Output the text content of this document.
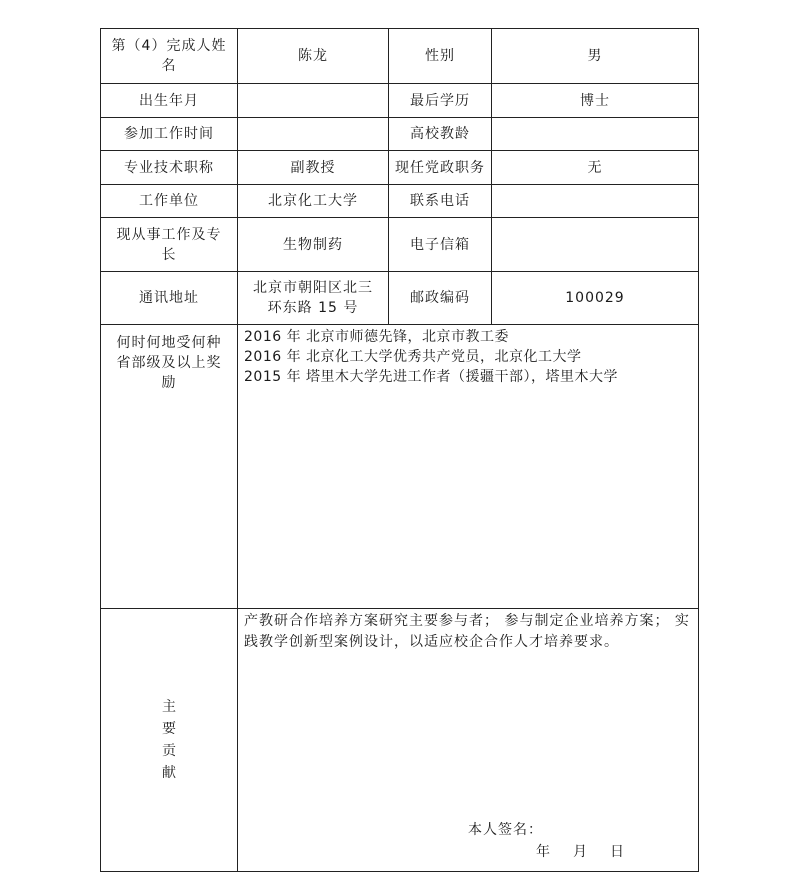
第（4）完成人姓名	陈龙	性别	男
出生年月		最后学历	博士
参加工作时间		高校教龄	
专业技术职称	副教授	现任党政职务	无
工作单位	北京化工大学	联系电话	

现从事工作及专长	生物制药	电子信箱	
通讯地址	北京市朝阳区北三环东路 15 号	邮政编码	100029

何时何地受何种省部级及以上奖励	2016 年 北京市师德先锋，北京市教工委
2016 年 北京化工大学优秀共产党员，北京化工大学
2015 年 塔里木大学先进工作者（援疆干部），塔里木大学		

主
要
贡
献	产教研合作培养方案研究主要参与者； 参与制定企业培养方案； 实践教学创新型案例设计，以适应校企合作人才培养要求。
本人签名：
年 月 日		
